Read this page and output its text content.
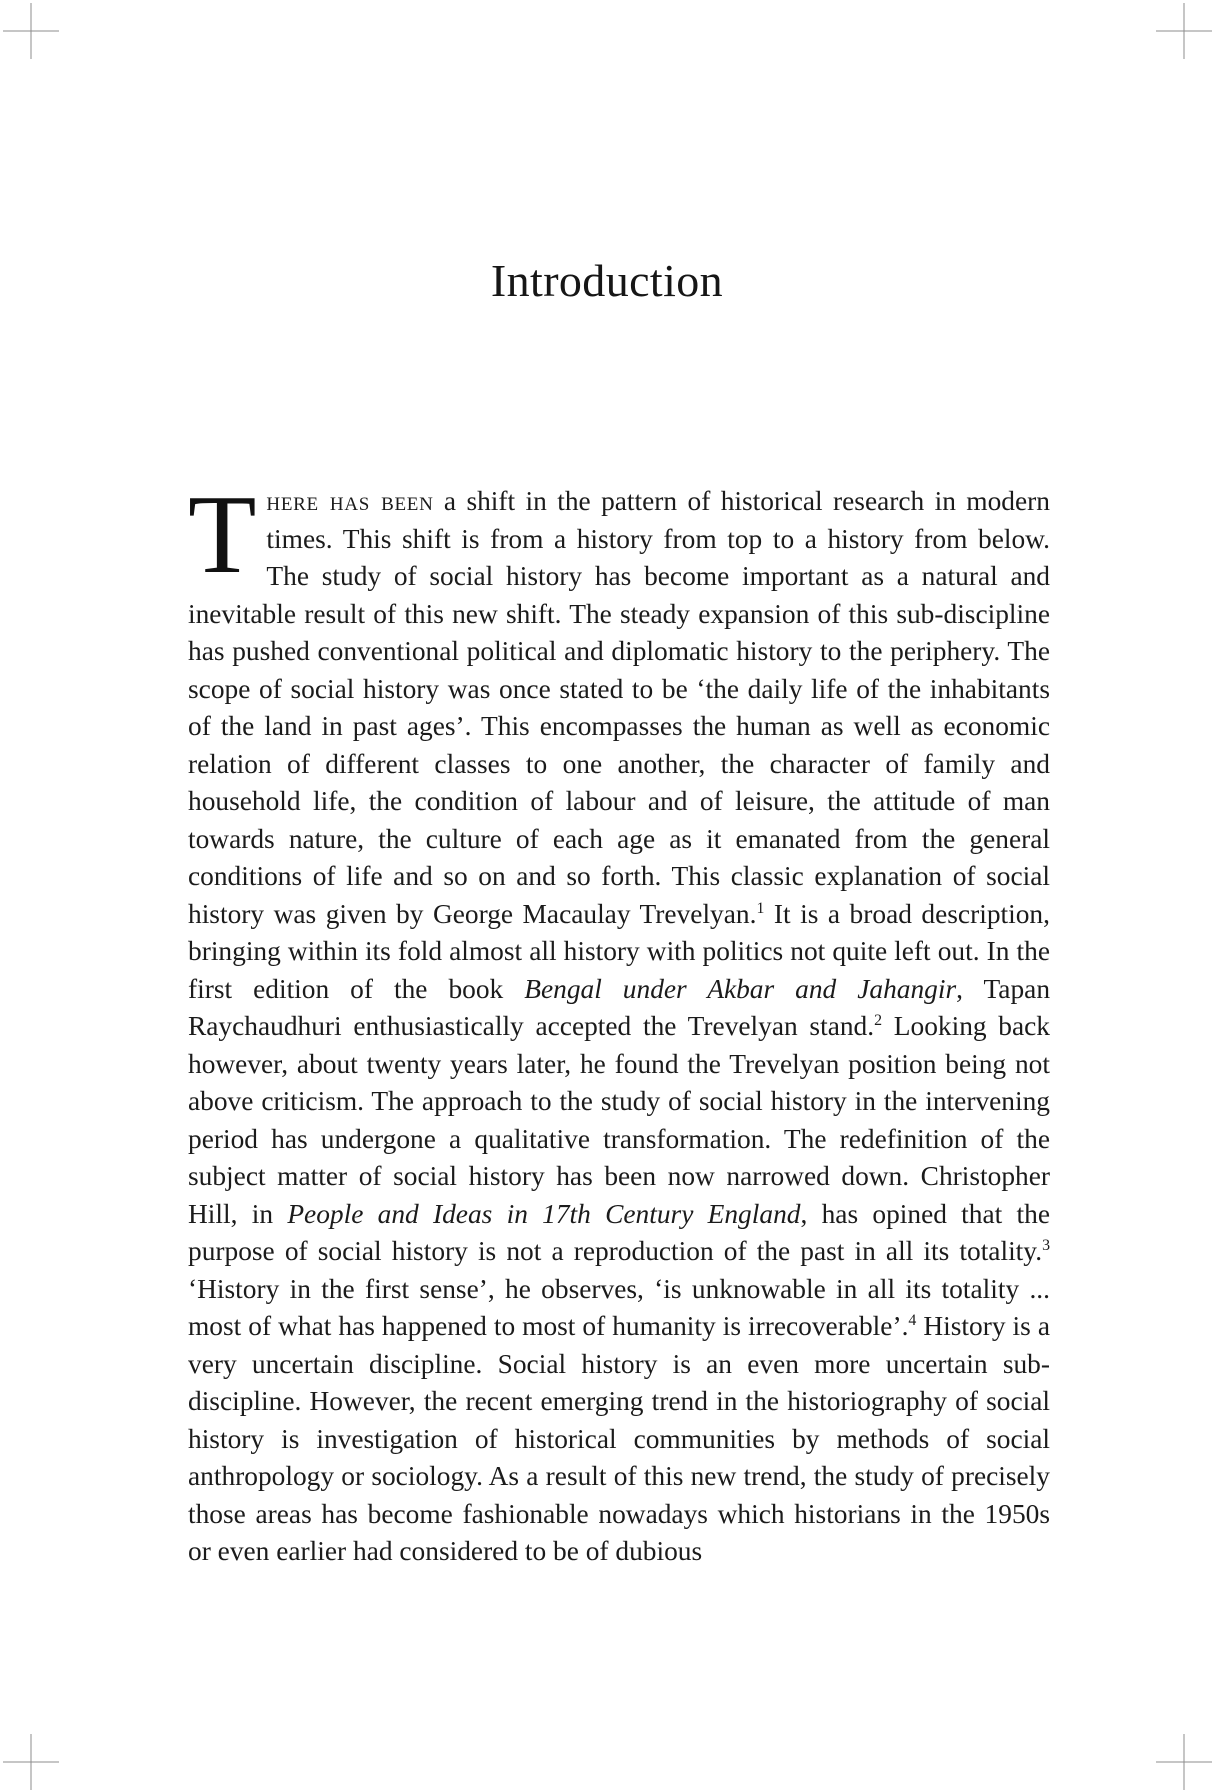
Introduction

There has been a shift in the pattern of historical research in modern times. This shift is from a history from top to a history from below. The study of social history has become important as a natural and inevitable result of this new shift. The steady expansion of this sub-discipline has pushed conventional political and diplomatic history to the periphery. The scope of social history was once stated to be ‘the daily life of the inhabitants of the land in past ages’. This encompasses the human as well as economic relation of different classes to one another, the character of family and household life, the condition of labour and of leisure, the attitude of man towards nature, the culture of each age as it emanated from the general conditions of life and so on and so forth. This classic explanation of social history was given by George Macaulay Trevelyan.$^1$ It is a broad description, bringing within its fold almost all history with politics not quite left out. In the first edition of the book Bengal under Akbar and Jahangir, Tapan Raychaudhuri enthusiastically accepted the Trevelyan stand.$^2$ Looking back however, about twenty years later, he found the Trevelyan position being not above criticism. The approach to the study of social history in the intervening period has undergone a qualitative transformation. The redefinition of the subject matter of social history has been now narrowed down. Christopher Hill, in People and Ideas in 17th Century England, has opined that the purpose of social history is not a reproduction of the past in all its totality.$^3$ ‘History in the first sense’, he observes, ‘is unknowable in all its totality ... most of what has happened to most of humanity is irrecoverable’.$^4$ History is a very uncertain discipline. Social history is an even more uncertain sub-discipline. However, the recent emerging trend in the historiography of social history is investigation of historical communities by methods of social anthropology or sociology. As a result of this new trend, the study of precisely those areas has become fashionable nowadays which historians in the 1950s or even earlier had considered to be of dubious
